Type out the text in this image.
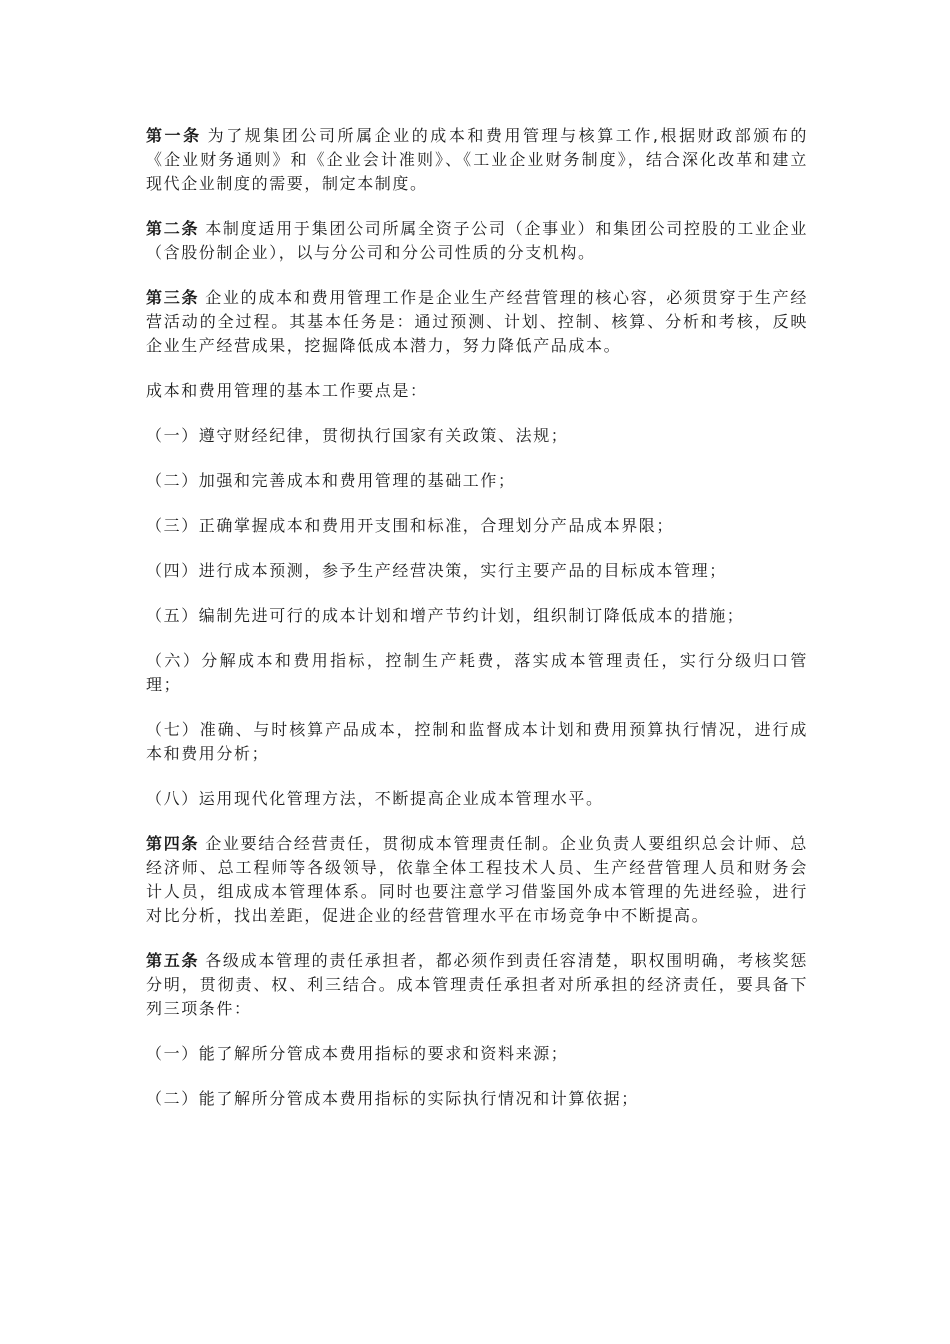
第一条 为了规集团公司所属企业的成本和费用管理与核算工作,根据财政部颁布的《企业财务通则》和《企业会计准则》、《工业企业财务制度》，结合深化改革和建立现代企业制度的需要，制定本制度。

第二条 本制度适用于集团公司所属全资子公司（企事业）和集团公司控股的工业企业（含股份制企业），以与分公司和分公司性质的分支机构。

第三条 企业的成本和费用管理工作是企业生产经营管理的核心容，必须贯穿于生产经营活动的全过程。其基本任务是：通过预测、计划、控制、核算、分析和考核，反映企业生产经营成果，挖掘降低成本潜力，努力降低产品成本。

成本和费用管理的基本工作要点是：

（一）遵守财经纪律，贯彻执行国家有关政策、法规；

（二）加强和完善成本和费用管理的基础工作；

（三）正确掌握成本和费用开支围和标准，合理划分产品成本界限；

（四）进行成本预测，参予生产经营决策，实行主要产品的目标成本管理；

（五）编制先进可行的成本计划和增产节约计划，组织制订降低成本的措施；

（六）分解成本和费用指标，控制生产耗费，落实成本管理责任，实行分级归口管理；

（七）准确、与时核算产品成本，控制和监督成本计划和费用预算执行情况，进行成本和费用分析；

（八）运用现代化管理方法，不断提高企业成本管理水平。

第四条 企业要结合经营责任，贯彻成本管理责任制。企业负责人要组织总会计师、总经济师、总工程师等各级领导，依靠全体工程技术人员、生产经营管理人员和财务会计人员，组成成本管理体系。同时也要注意学习借鉴国外成本管理的先进经验，进行对比分析，找出差距，促进企业的经营管理水平在市场竞争中不断提高。

第五条 各级成本管理的责任承担者，都必须作到责任容清楚，职权围明确，考核奖惩分明，贯彻责、权、利三结合。成本管理责任承担者对所承担的经济责任，要具备下列三项条件：

（一）能了解所分管成本费用指标的要求和资料来源；

（二）能了解所分管成本费用指标的实际执行情况和计算依据；
